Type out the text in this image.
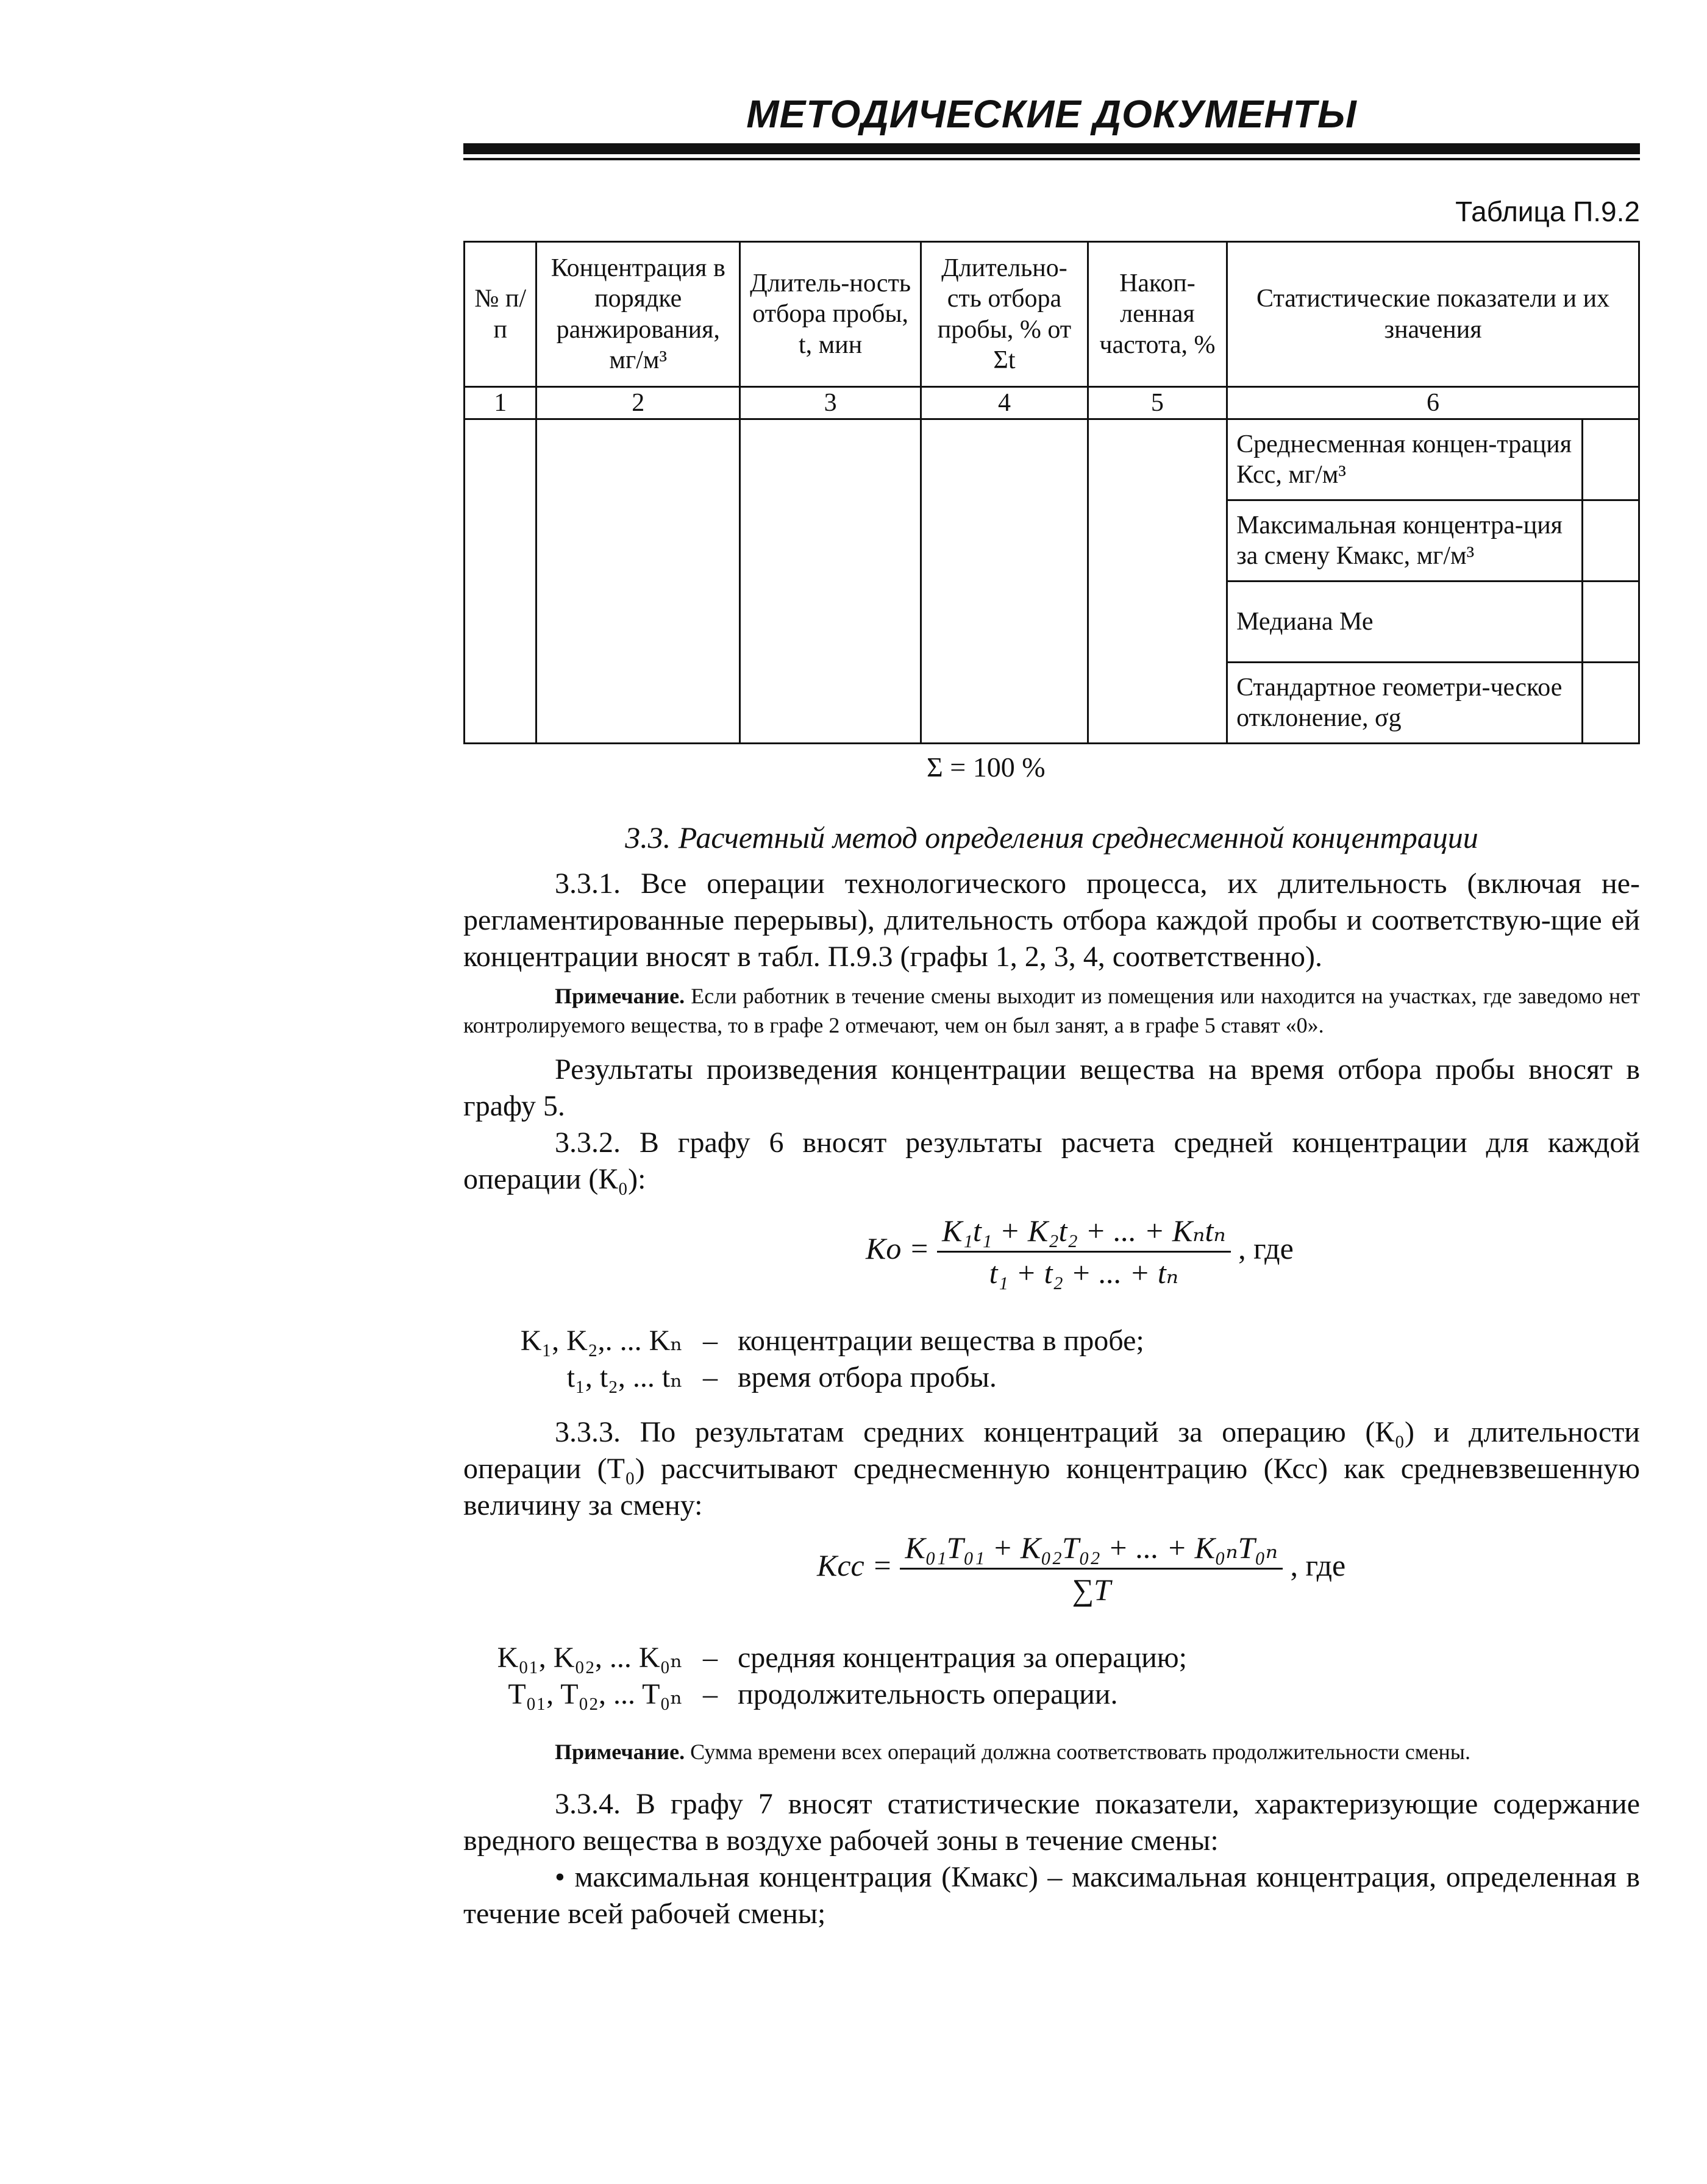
МЕТОДИЧЕСКИЕ ДОКУМЕНТЫ
Таблица П.9.2
№ п/п	Концентрация в порядке ранжирования, мг/м³	Длитель-ность отбора пробы, t, мин	Длительно-сть отбора пробы, % от Σt	Накоп-ленная частота, %	Статистические показатели и их значения	
1	2	3	4	5	6	
					Среднесменная концен-трация Ксс, мг/м³	
					Максимальная концентра-ция за смену Кмакс, мг/м³	
					Медиана Ме	
					Стандартное геометри-ческое отклонение, σg	
Σ = 100 %
3.3. Расчетный метод определения среднесменной концентрации
3.3.1. Все операции технологического процесса, их длительность (включая не-регламентированные перерывы), длительность отбора каждой пробы и соответствую-щие ей концентрации вносят в табл. П.9.3 (графы 1, 2, 3, 4, соответственно).
Примечание. Если работник в течение смены выходит из помещения или находится на участках, где заведомо нет контролируемого вещества, то в графе 2 отмечают, чем он был занят, а в графе 5 ставят «0».
Результаты произведения концентрации вещества на время отбора пробы вносят в графу 5.
3.3.2. В графу 6 вносят результаты расчета средней концентрации для каждой операции (К₀):
$Ko = \frac{\text{K₁t₁ + K₂t₂ + ... + Kₙtₙ}}{\text{t₁ + t₂ + ... + tₙ}}$ , где
K₁, K₂,. ... Kₙ – концентрации вещества в пробе;
t₁, t₂, ... tₙ – время отбора пробы.
3.3.3. По результатам средних концентраций за операцию (К₀) и длительности операции (Т₀) рассчитывают среднесменную концентрацию (Ксс) как средневзвешенную величину за смену:
Kcc = $\frac{\text{K₀₁T₀₁ + K₀₂T₀₂ + ... + K₀ₙT₀ₙ}}{\sum T}$ , где
K₀₁, K₀₂, ... K₀ₙ – средняя концентрация за операцию;
T₀₁, T₀₂, ... T₀ₙ – продолжительность операции.
Примечание. Сумма времени всех операций должна соответствовать продолжительности смены.
3.3.4. В графу 7 вносят статистические показатели, характеризующие содержание вредного вещества в воздухе рабочей зоны в течение смены:
• максимальная концентрация (Кмакс) – максимальная концентрация, определенная в течение всей рабочей смены;
